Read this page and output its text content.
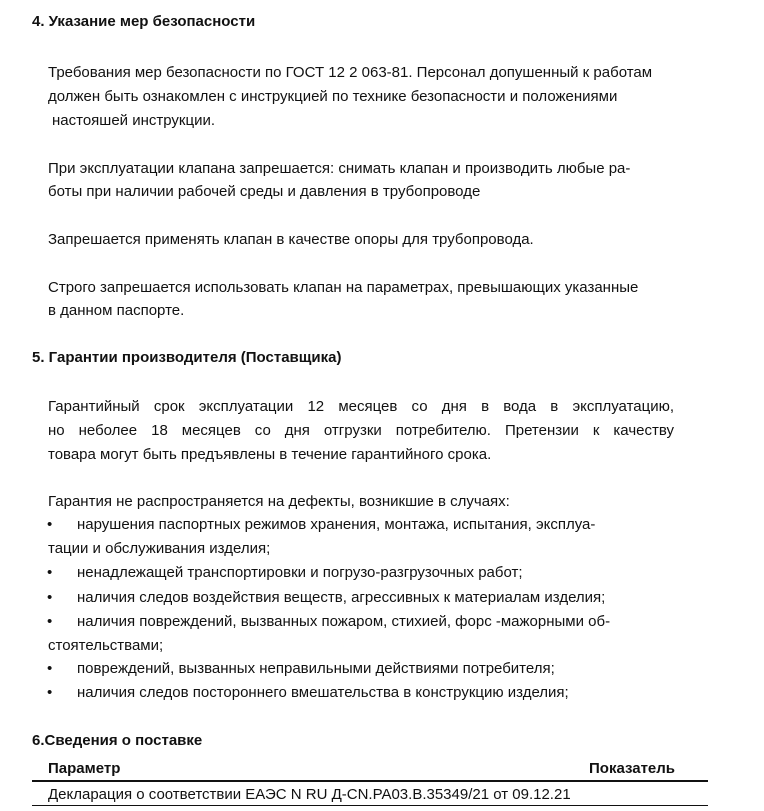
4. Указание мер безопасности
Требования мер безопасности по ГОСТ 12 2 063-81. Персонал допушенный к работам
должен быть ознакомлен с инструкцией по технике безопасности и положениями
настояшей инструкции.
При эксплуатации клапана запрешается: снимать клапан и производить любые ра-
боты при наличии рабочей среды и давления в трубопроводе
Запрешается применять клапан в качестве опоры для трубопровода.
Строго запрешается использовать клапан на параметрах, превышающих указанные
в данном паспорте.
5. Гарантии производителя (Поставщика)
Гарантийный срок эксплуатации 12 месяцев со дня в вода в эксплуатацию,
но неболее 18 месяцев со дня отгрузки потребителю. Претензии к качеству
товара могут быть предъявлены в течение гарантийного срока.
Гарантия не распространяется на дефекты, возникшие в случаях:
• нарушения паспортных режимов хранения, монтажа, испытания, эксплуа-
тации и обслуживания изделия;
• ненадлежащей транспортировки и погрузо-разгрузочных работ;
• наличия следов воздействия веществ, агрессивных к материалам изделия;
• наличия повреждений, вызванных пожаром, стихией, форс -мажорными об-
стоятельствами;
• повреждений, вызванных неправильными действиями потребителя;
• наличия следов постороннего вмешательства в конструкцию изделия;
6.Сведения о поставке
Параметр	Показатель
Декларация о соответствии ЕАЭС N RU Д-CN.PA03.B.35349/21 от 09.12.21
